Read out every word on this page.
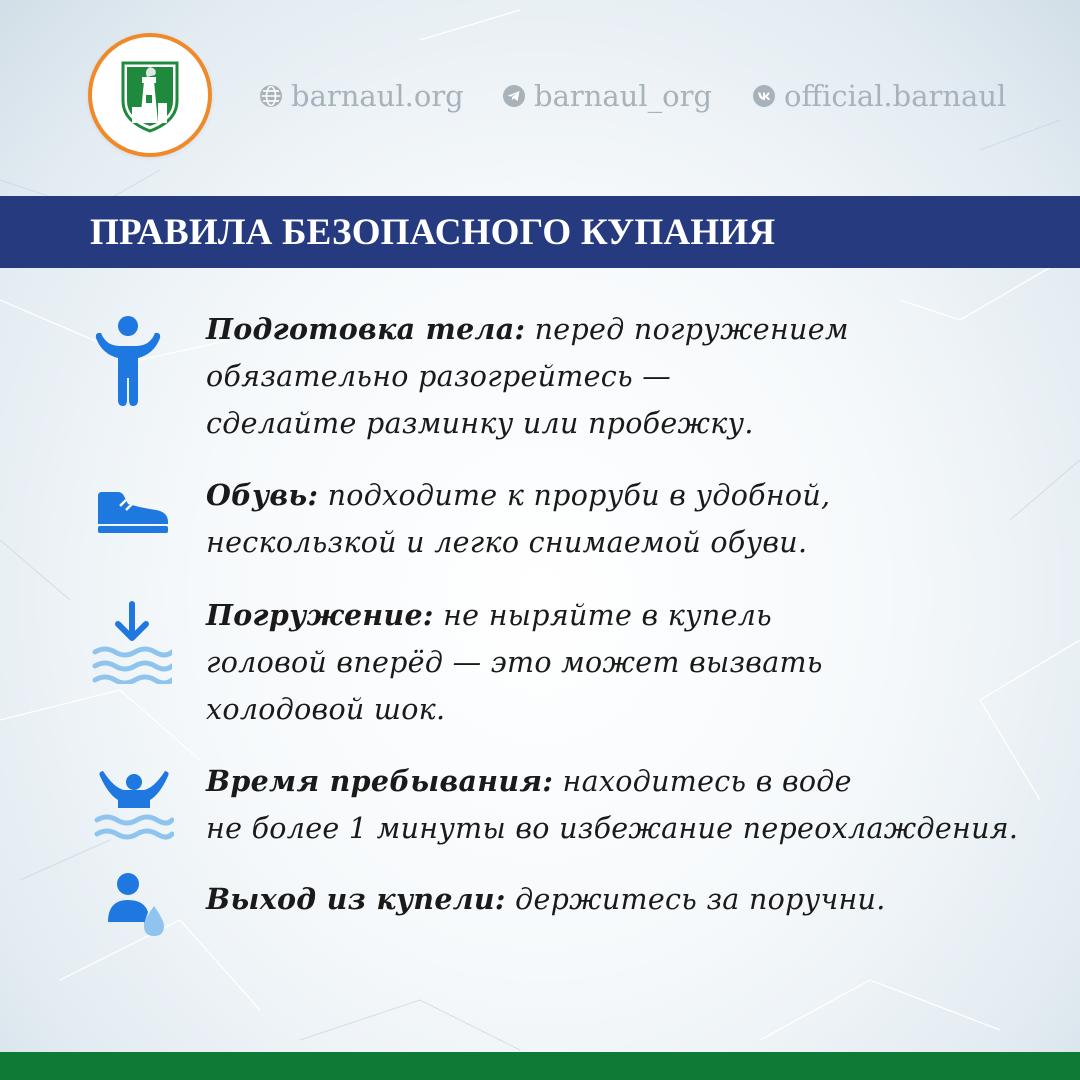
barnaul.org barnaul_org official.barnaul
ПРАВИЛА БЕЗОПАСНОГО КУПАНИЯ
Подготовка тела: перед погружением
обязательно разогрейтесь —
сделайте разминку или пробежку.
Обувь: подходите к проруби в удобной,
нескользкой и легко снимаемой обуви.
Погружение: не ныряйте в купель
головой вперёд — это может вызвать
холодовой шок.
Время пребывания: находитесь в воде
не более 1 минуты во избежание переохлаждения.
Выход из купели: держитесь за поручни.
